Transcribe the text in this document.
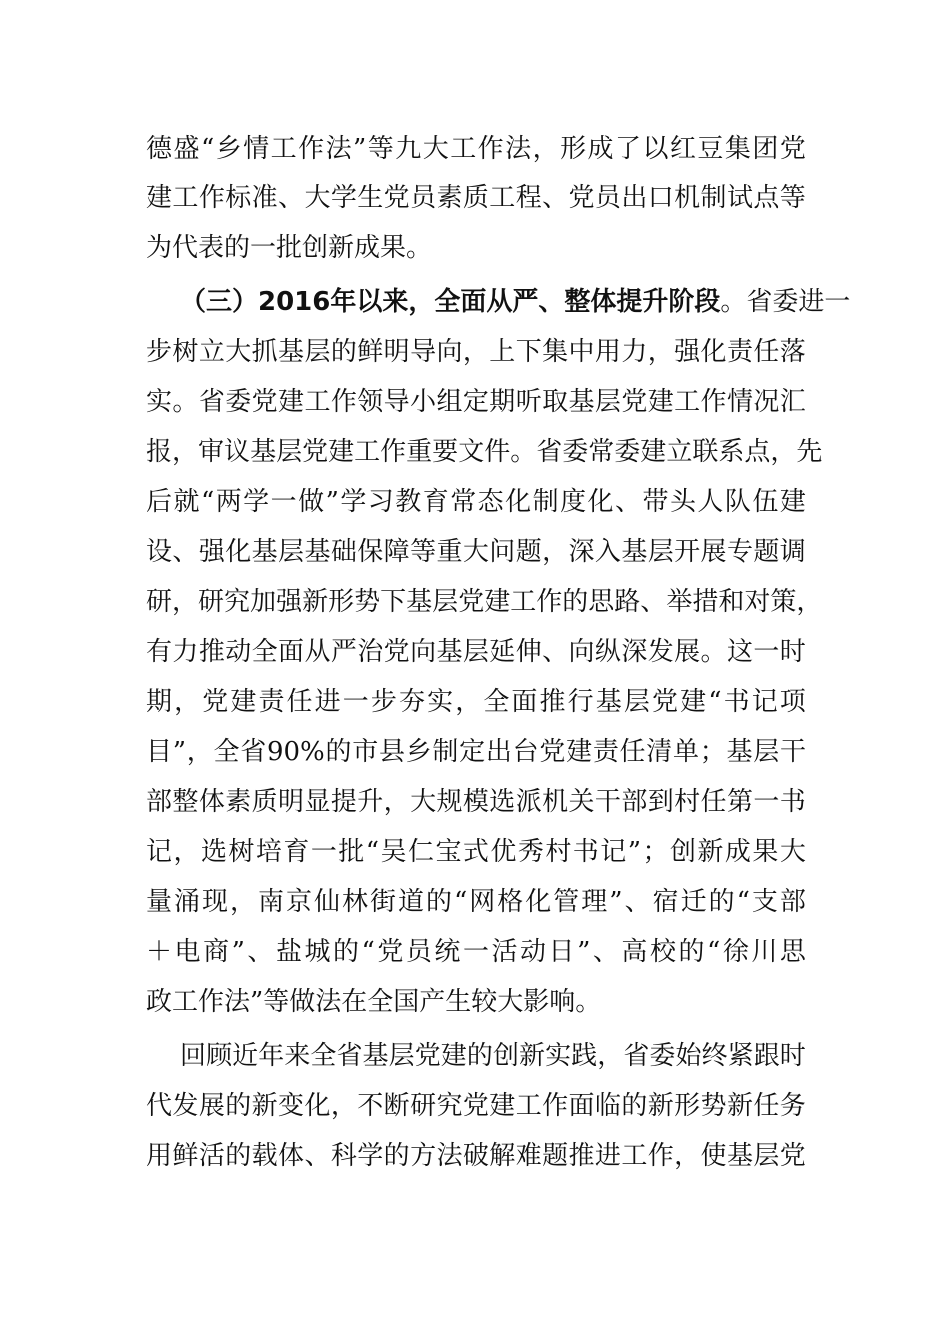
德 盛 “ 乡 情 工 作 法 ” 等 九 大 工 作 法 ， 形 成 了 以 红 豆 集 团 党
建 工 作 标 准 、 大 学 生 党 员 素 质 工 程 、 党 员 出 口 机 制 试 点 等
为代表的一批创新成果。
（三）2016年以来，全面从严、整体提升阶段 。省委进一
步 树 立 大 抓 基 层 的 鲜 明 导 向 ， 上 下 集 中 用 力 ， 强 化 责 任 落
实 。 省 委 党 建 工 作 领 导 小 组 定 期 听 取 基 层 党 建 工 作 情 况 汇
报 ， 审 议 基 层 党 建 工 作 重 要 文 件 。 省 委 常 委 建 立 联 系 点 ， 先
后 就 “ 两 学 一 做 ” 学 习 教 育 常 态 化 制 度 化 、 带 头 人 队 伍 建
设 、 强 化 基 层 基 础 保 障 等 重 大 问 题 ， 深 入 基 层 开 展 专 题 调
研 ， 研 究 加 强 新 形 势 下 基 层 党 建 工 作 的 思 路 、 举 措 和 对 策 ，
有 力 推 动 全 面 从 严 治 党 向 基 层 延 伸 、 向 纵 深 发 展 。 这 一 时
期 ， 党 建 责 任 进 一 步 夯 实 ， 全 面 推 行 基 层 党 建 “ 书 记 项
目 ” ， 全 省 90% 的 市 县 乡 制 定 出 台 党 建 责 任 清 单 ； 基 层 干
部 整 体 素 质 明 显 提 升 ， 大 规 模 选 派 机 关 干 部 到 村 任 第 一 书
记 ， 选 树 培 育 一 批 “ 吴 仁 宝 式 优 秀 村 书 记 ” ； 创 新 成 果 大
量 涌 现 ， 南 京 仙 林 街 道 的 “ 网 格 化 管 理 ” 、 宿 迁 的 “ 支 部
＋ 电 商 ” 、 盐 城 的 “ 党 员 统 一 活 动 日 ” 、 高 校 的 “ 徐 川 思
政工作法”等做法在全国产生较大影响。
回 顾 近 年 来 全 省 基 层 党 建 的 创 新 实 践 ， 省 委 始 终 紧 跟 时
代 发 展 的 新 变 化 ， 不 断 研 究 党 建 工 作 面 临 的 新 形 势 新 任 务
用 鲜 活 的 载 体 、 科 学 的 方 法 破 解 难 题 推 进 工 作 ， 使 基 层 党
